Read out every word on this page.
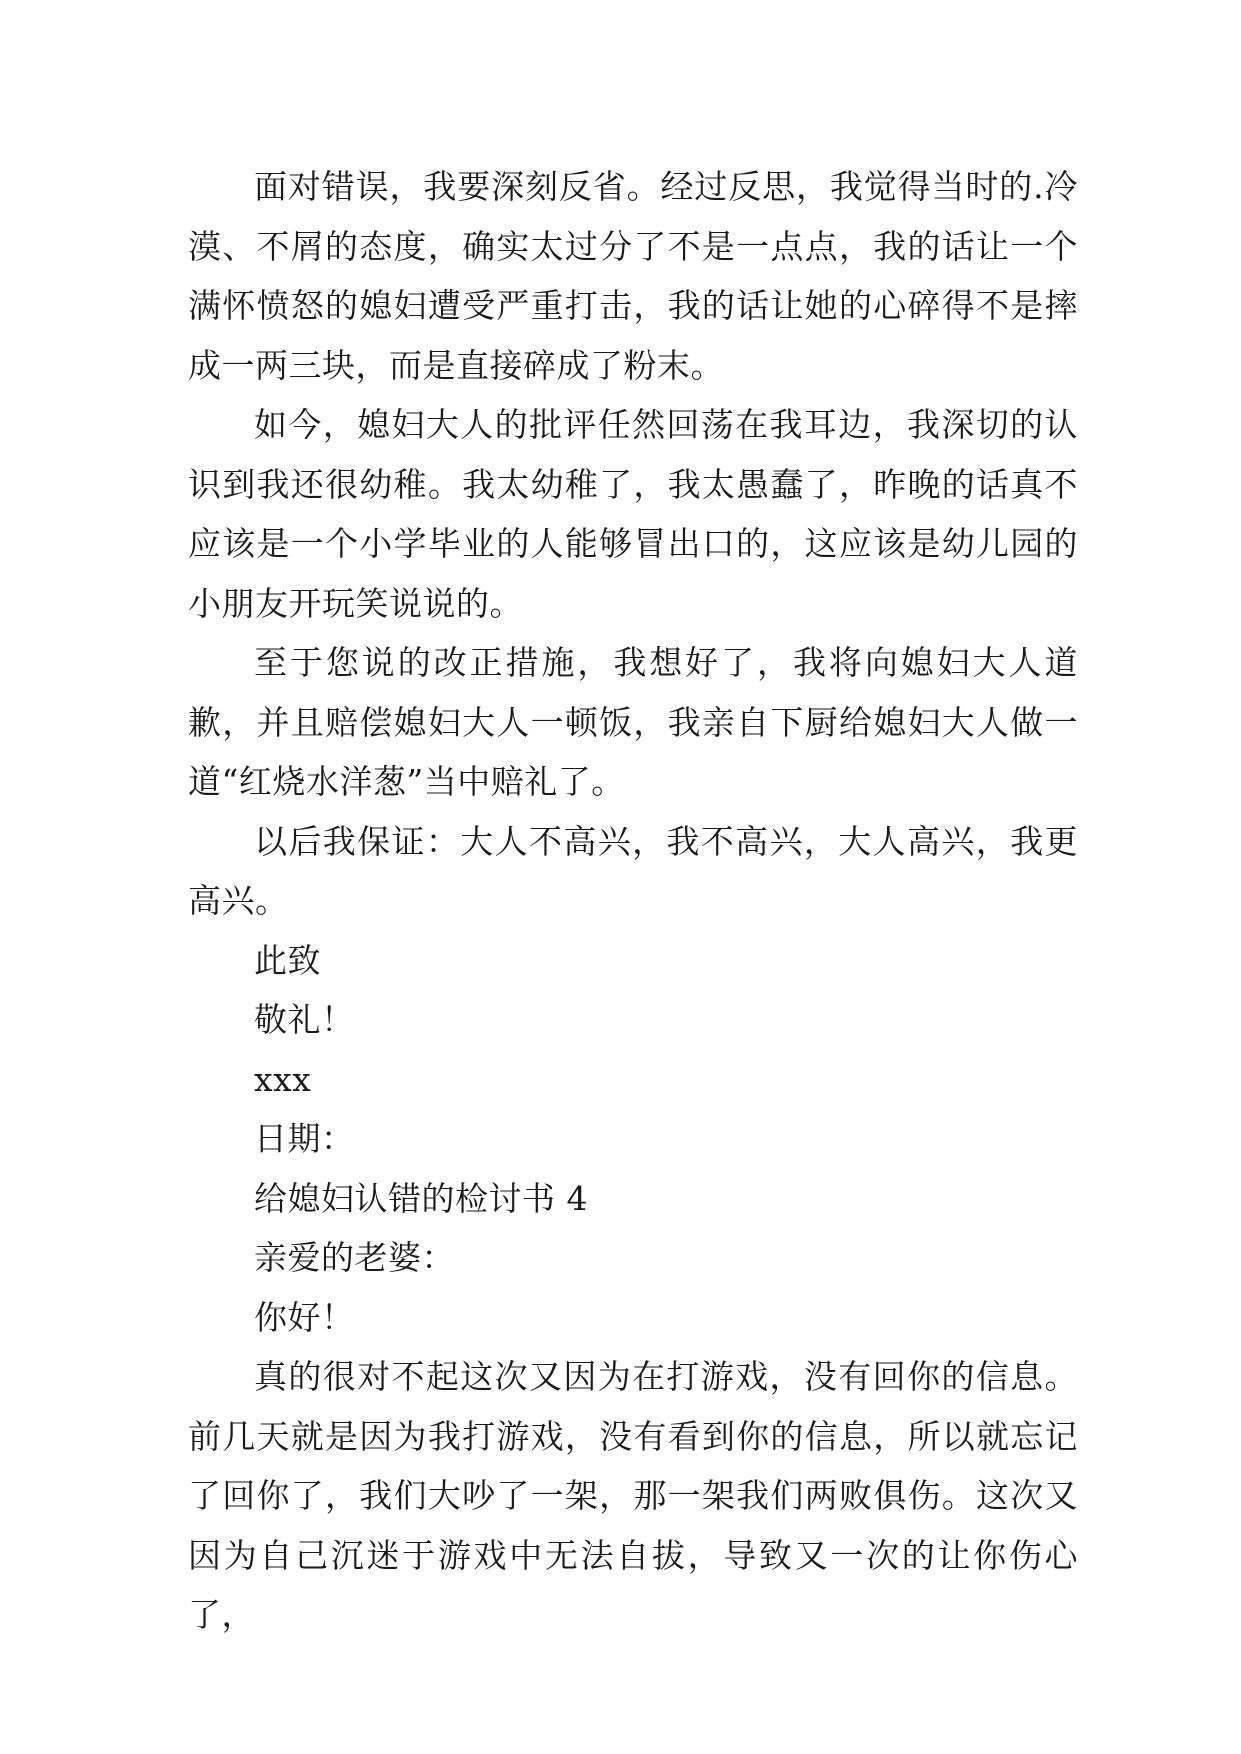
面对错误，我要深刻反省。经过反思，我觉得当时的.冷漠、不屑的态度，确实太过分了不是一点点，我的话让一个满怀愤怒的媳妇遭受严重打击，我的话让她的心碎得不是摔成一两三块，而是直接碎成了粉末。

如今，媳妇大人的批评任然回荡在我耳边，我深切的认识到我还很幼稚。我太幼稚了，我太愚蠢了，昨晚的话真不应该是一个小学毕业的人能够冒出口的，这应该是幼儿园的小朋友开玩笑说说的。

至于您说的改正措施，我想好了，我将向媳妇大人道歉，并且赔偿媳妇大人一顿饭，我亲自下厨给媳妇大人做一道“红烧水洋葱”当中赔礼了。

以后我保证：大人不高兴，我不高兴，大人高兴，我更高兴。

此致

敬礼！

xxx

日期：

给媳妇认错的检讨书 4

亲爱的老婆：

你好！

真的很对不起这次又因为在打游戏，没有回你的信息。前几天就是因为我打游戏，没有看到你的信息，所以就忘记了回你了，我们大吵了一架，那一架我们两败俱伤。这次又因为自己沉迷于游戏中无法自拔，导致又一次的让你伤心了，
